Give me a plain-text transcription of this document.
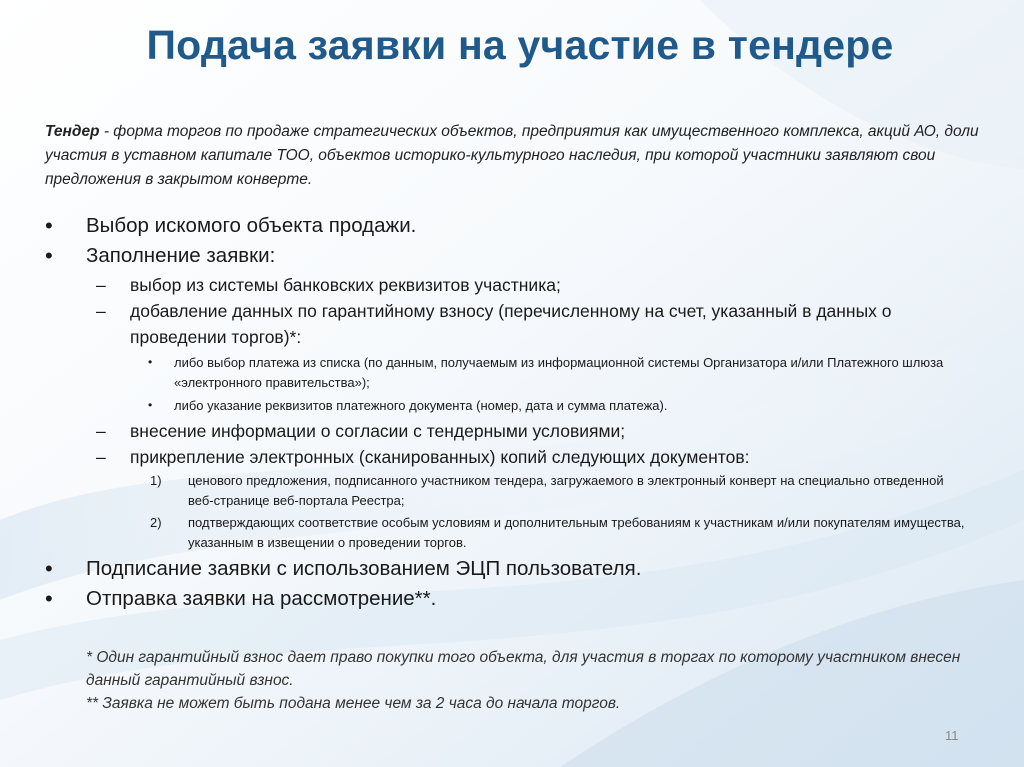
Подача заявки на участие в тендере
Тендер - форма торгов по продаже стратегических объектов, предприятия как имущественного комплекса, акций АО, доли участия в уставном капитале ТОО, объектов историко-культурного наследия, при которой участники заявляют свои предложения в закрытом конверте.
• Выбор искомого объекта продажи.
• Заполнение заявки:
– выбор из системы банковских реквизитов участника;
– добавление данных по гарантийному взносу (перечисленному на счет, указанный в данных о проведении торгов)*:
• либо выбор платежа из списка (по данным, получаемым из информационной системы Организатора и/или Платежного шлюза «электронного правительства»);
• либо указание реквизитов платежного документа (номер, дата и сумма платежа).
– внесение информации о согласии с тендерными условиями;
– прикрепление электронных (сканированных) копий следующих документов:
1) ценового предложения, подписанного участником тендера, загружаемого в электронный конверт на специально отведенной веб-странице веб-портала Реестра;
2) подтверждающих соответствие особым условиям и дополнительным требованиям к участникам и/или покупателям имущества, указанным в извещении о проведении торгов.
• Подписание заявки с использованием ЭЦП пользователя.
• Отправка заявки на рассмотрение**.
* Один гарантийный взнос дает право покупки того объекта, для участия в торгах по которому участником внесен данный гарантийный взнос.
** Заявка не может быть подана менее чем за 2 часа до начала торгов.
11
